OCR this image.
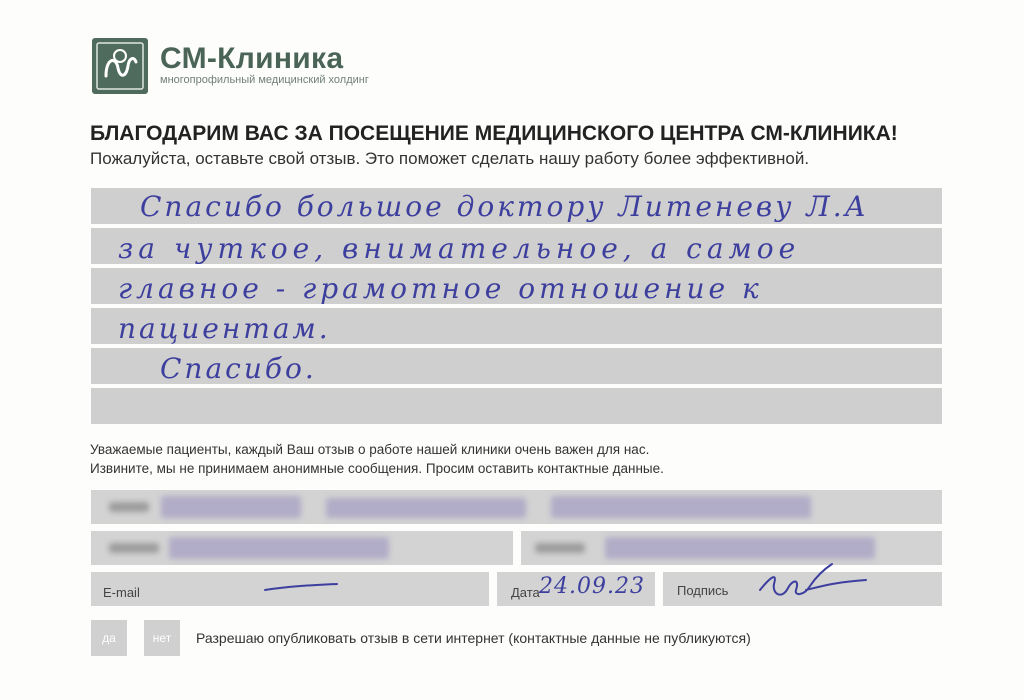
СМ-Клиника
многопрофильный медицинский холдинг
БЛАГОДАРИМ ВАС ЗА ПОСЕЩЕНИЕ МЕДИЦИНСКОГО ЦЕНТРА СМ-КЛИНИКА!
Пожалуйста, оставьте свой отзыв. Это поможет сделать нашу работу более эффективной.
Спасибо большое доктору Литеневу Л.А
за чуткое, внимательное, а самое
главное - грамотное отношение к
пациентам.
Спасибо.
Уважаемые пациенты, каждый Ваш отзыв о работе нашей клиники очень важен для нас.
Извините, мы не принимаем анонимные сообщения. Просим оставить контактные данные.
E-mail	Дата 24.09.23 Подпись
да	нет	Разрешаю опубликовать отзыв в сети интернет (контактные данные не публикуются)
